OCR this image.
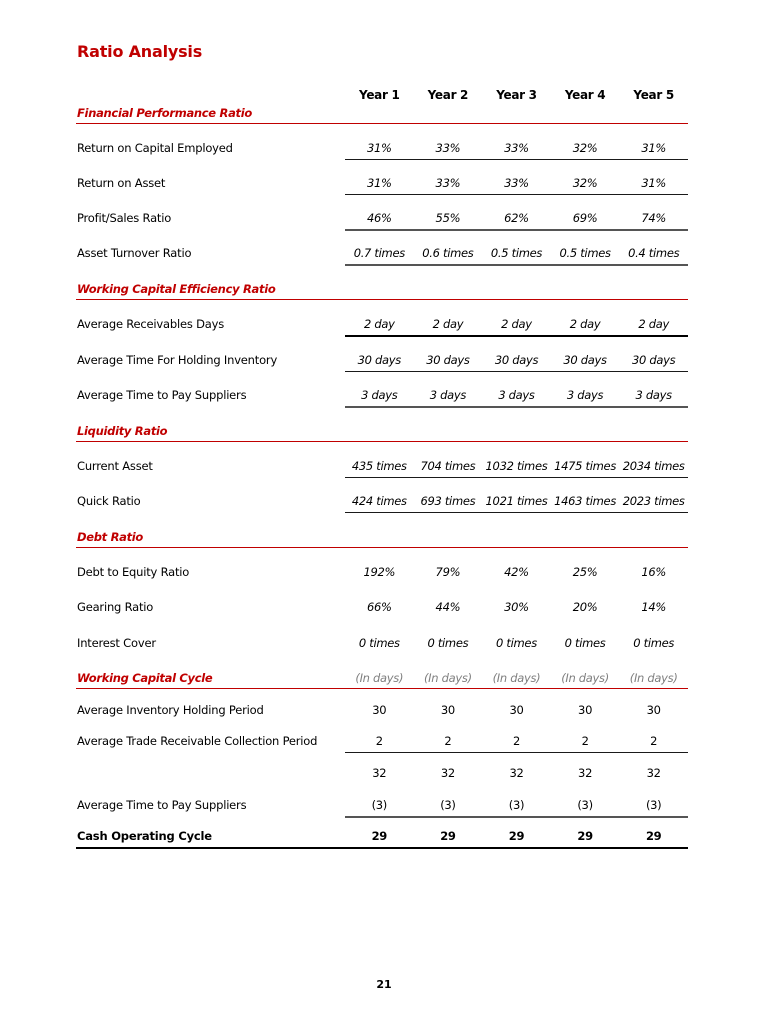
Ratio Analysis
Year 1	Year 2	Year 3	Year 4	Year 5
Financial Performance Ratio
Return on Capital Employed	31%	33%	33%	32%	31%
Return on Asset	31%	33%	33%	32%	31%
Profit/Sales Ratio	46%	55%	62%	69%	74%
Asset Turnover Ratio	0.7 times	0.6 times	0.5 times	0.5 times	0.4 times
Working Capital Efficiency Ratio
Average Receivables Days	2 day	2 day	2 day	2 day	2 day
Average Time For Holding Inventory	30 days	30 days	30 days	30 days	30 days
Average Time to Pay Suppliers	3 days	3 days	3 days	3 days	3 days
Liquidity Ratio
Current Asset	435 times	704 times 1032 times 1475 times 2034 times
Quick Ratio	424 times	693 times 1021 times 1463 times 2023 times
Debt Ratio
Debt to Equity Ratio	192%	79%	42%	25%	16%
Gearing Ratio	66%	44%	30%	20%	14%
Interest Cover	0 times	0 times	0 times	0 times	0 times
Working Capital Cycle	(In days)	(In days)	(In days)	(In days)	(In days)
Average Inventory Holding Period	30	30	30	30	30
Average Trade Receivable Collection Period	2	2	2	2	2
32	32	32	32	32
Average Time to Pay Suppliers	(3)	(3)	(3)	(3)	(3)
Cash Operating Cycle	29	29	29	29	29
21
